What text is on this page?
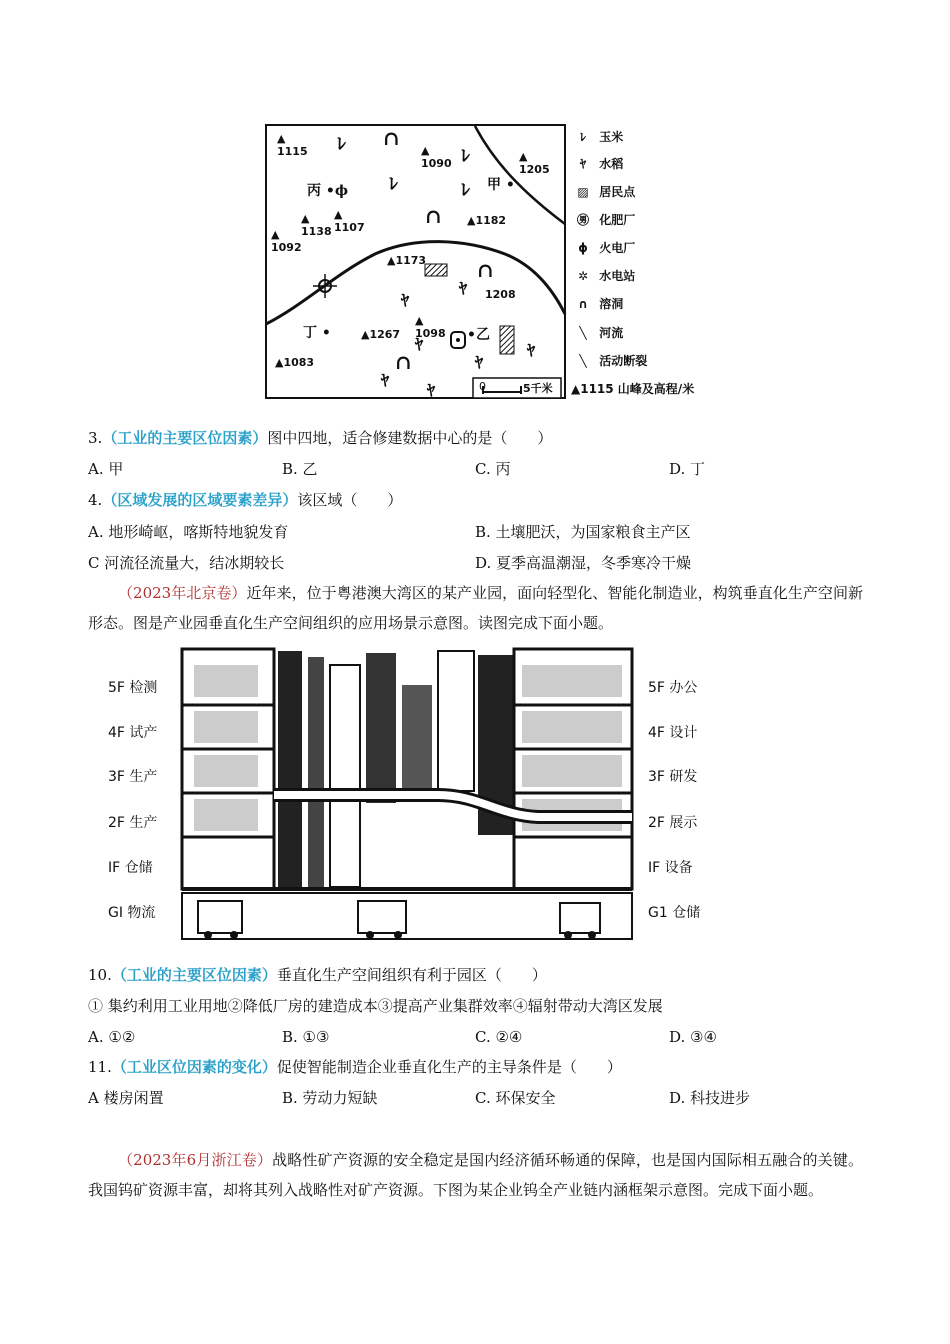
▲
1115	▲
1090
▲
1205
▲
1138
▲
1107
▲1182
▲
1092
▲1173
1208
▲
1098
▲1267
▲1083
ﾚ
ﾚ
ﾚ	ﾚ
∩
∩
∩
∩
ﾔ
ﾔ
ﾔ
ﾔ
ﾔ
ﾔ
ﾔ
丙 •ϕ	甲 •
•乙
丁 •
0	5千米
ﾚ 玉米
ﾔ 水稻
▨ 居民点
㊚ 化肥厂
ϕ 火电厂
✲ 水电站
∩ 溶洞
╲ 河流
╲ 活动断裂
▲1115 山峰及高程/米
3.（工业的主要区位因素）图中四地，适合修建数据中心的是（　　）
A. 甲	B. 乙	C. 丙	D. 丁
4.（区域发展的区域要素差异）该区域（　　）
A. 地形崎岖，喀斯特地貌发育	B. 土壤肥沃，为国家粮食主产区
C 河流径流量大，结冰期较长	D. 夏季高温潮湿，冬季寒冷干燥
（2023年北京卷）近年来，位于粤港澳大湾区的某产业园，面向轻型化、智能化制造业，构筑垂直化生产空间新形态。图是产业园垂直化生产空间组织的应用场景示意图。读图完成下面小题。
5F 检测
4F 试产
3F 生产
2F 生产
IF 仓储
GI 物流
5F 办公
4F 设计
3F 研发
2F 展示
IF 设备
G1 仓储
10.（工业的主要区位因素）垂直化生产空间组织有利于园区（　　）
① 集约利用工业用地②降低厂房的建造成本③提高产业集群效率④辐射带动大湾区发展
A. ①②	B. ①③	C. ②④	D. ③④
11.（工业区位因素的变化）促使智能制造企业垂直化生产的主导条件是（　　）
A 楼房闲置	B. 劳动力短缺	C. 环保安全	D. 科技进步
（2023年6月浙江卷）战略性矿产资源的安全稳定是国内经济循环畅通的保障，也是国内国际相五融合的关键。我国钨矿资源丰富，却将其列入战略性对矿产资源。下图为某企业钨全产业链内涵框架示意图。完成下面小题。
